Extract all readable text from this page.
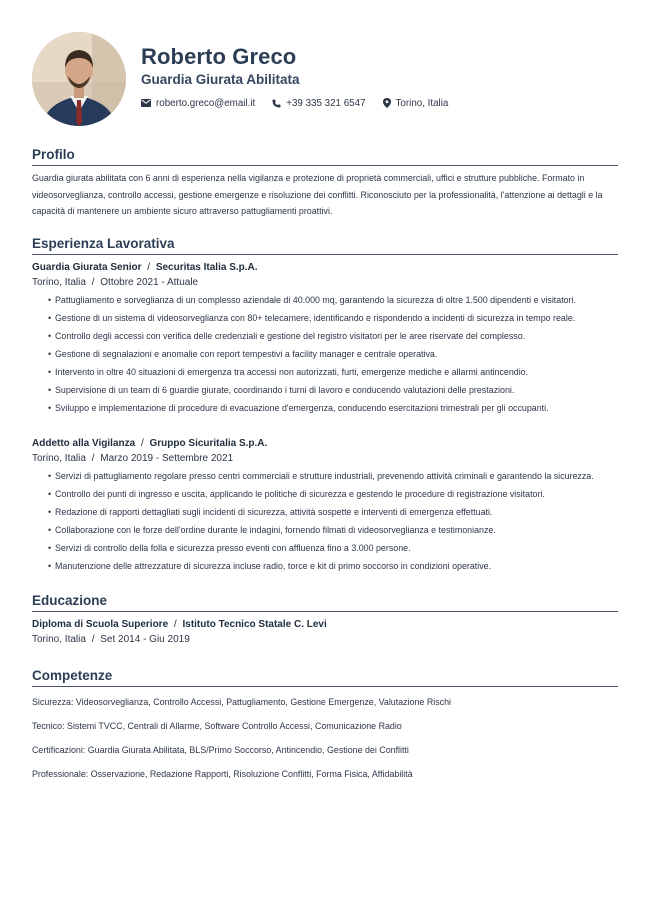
Roberto Greco
Guardia Giurata Abilitata
roberto.greco@email.it	+39 335 321 6547	Torino, Italia
Profilo
Guardia giurata abilitata con 6 anni di esperienza nella vigilanza e protezione di proprietà commerciali, uffici e strutture pubbliche. Formato in videosorveglianza, controllo accessi, gestione emergenze e risoluzione dei conflitti. Riconosciuto per la professionalità, l'attenzione ai dettagli e la capacità di mantenere un ambiente sicuro attraverso pattugliamenti proattivi.
Esperienza Lavorativa
Guardia Giurata Senior / Securitas Italia S.p.A.
Torino, Italia / Ottobre 2021 - Attuale
• Pattugliamento e sorveglianza di un complesso aziendale di 40.000 mq, garantendo la sicurezza di oltre 1.500 dipendenti e visitatori.
• Gestione di un sistema di videosorveglianza con 80+ telecamere, identificando e rispondendo a incidenti di sicurezza in tempo reale.
• Controllo degli accessi con verifica delle credenziali e gestione del registro visitatori per le aree riservate del complesso.
• Gestione di segnalazioni e anomalie con report tempestivi a facility manager e centrale operativa.
• Intervento in oltre 40 situazioni di emergenza tra accessi non autorizzati, furti, emergenze mediche e allarmi antincendio.
• Supervisione di un team di 6 guardie giurate, coordinando i turni di lavoro e conducendo valutazioni delle prestazioni.
• Sviluppo e implementazione di procedure di evacuazione d'emergenza, conducendo esercitazioni trimestrali per gli occupanti.
Addetto alla Vigilanza / Gruppo Sicuritalia S.p.A.
Torino, Italia / Marzo 2019 - Settembre 2021
• Servizi di pattugliamento regolare presso centri commerciali e strutture industriali, prevenendo attività criminali e garantendo la sicurezza.
• Controllo dei punti di ingresso e uscita, applicando le politiche di sicurezza e gestendo le procedure di registrazione visitatori.
• Redazione di rapporti dettagliati sugli incidenti di sicurezza, attività sospette e interventi di emergenza effettuati.
• Collaborazione con le forze dell'ordine durante le indagini, fornendo filmati di videosorveglianza e testimonianze.
• Servizi di controllo della folla e sicurezza presso eventi con affluenza fino a 3.000 persone.
• Manutenzione delle attrezzature di sicurezza incluse radio, torce e kit di primo soccorso in condizioni operative.
Educazione
Diploma di Scuola Superiore / Istituto Tecnico Statale C. Levi
Torino, Italia / Set 2014 - Giu 2019
Competenze
Sicurezza: Videosorveglianza, Controllo Accessi, Pattugliamento, Gestione Emergenze, Valutazione Rischi
Tecnico: Sistemi TVCC, Centrali di Allarme, Software Controllo Accessi, Comunicazione Radio
Certificazioni: Guardia Giurata Abilitata, BLS/Primo Soccorso, Antincendio, Gestione dei Conflitti
Professionale: Osservazione, Redazione Rapporti, Risoluzione Conflitti, Forma Fisica, Affidabilità
